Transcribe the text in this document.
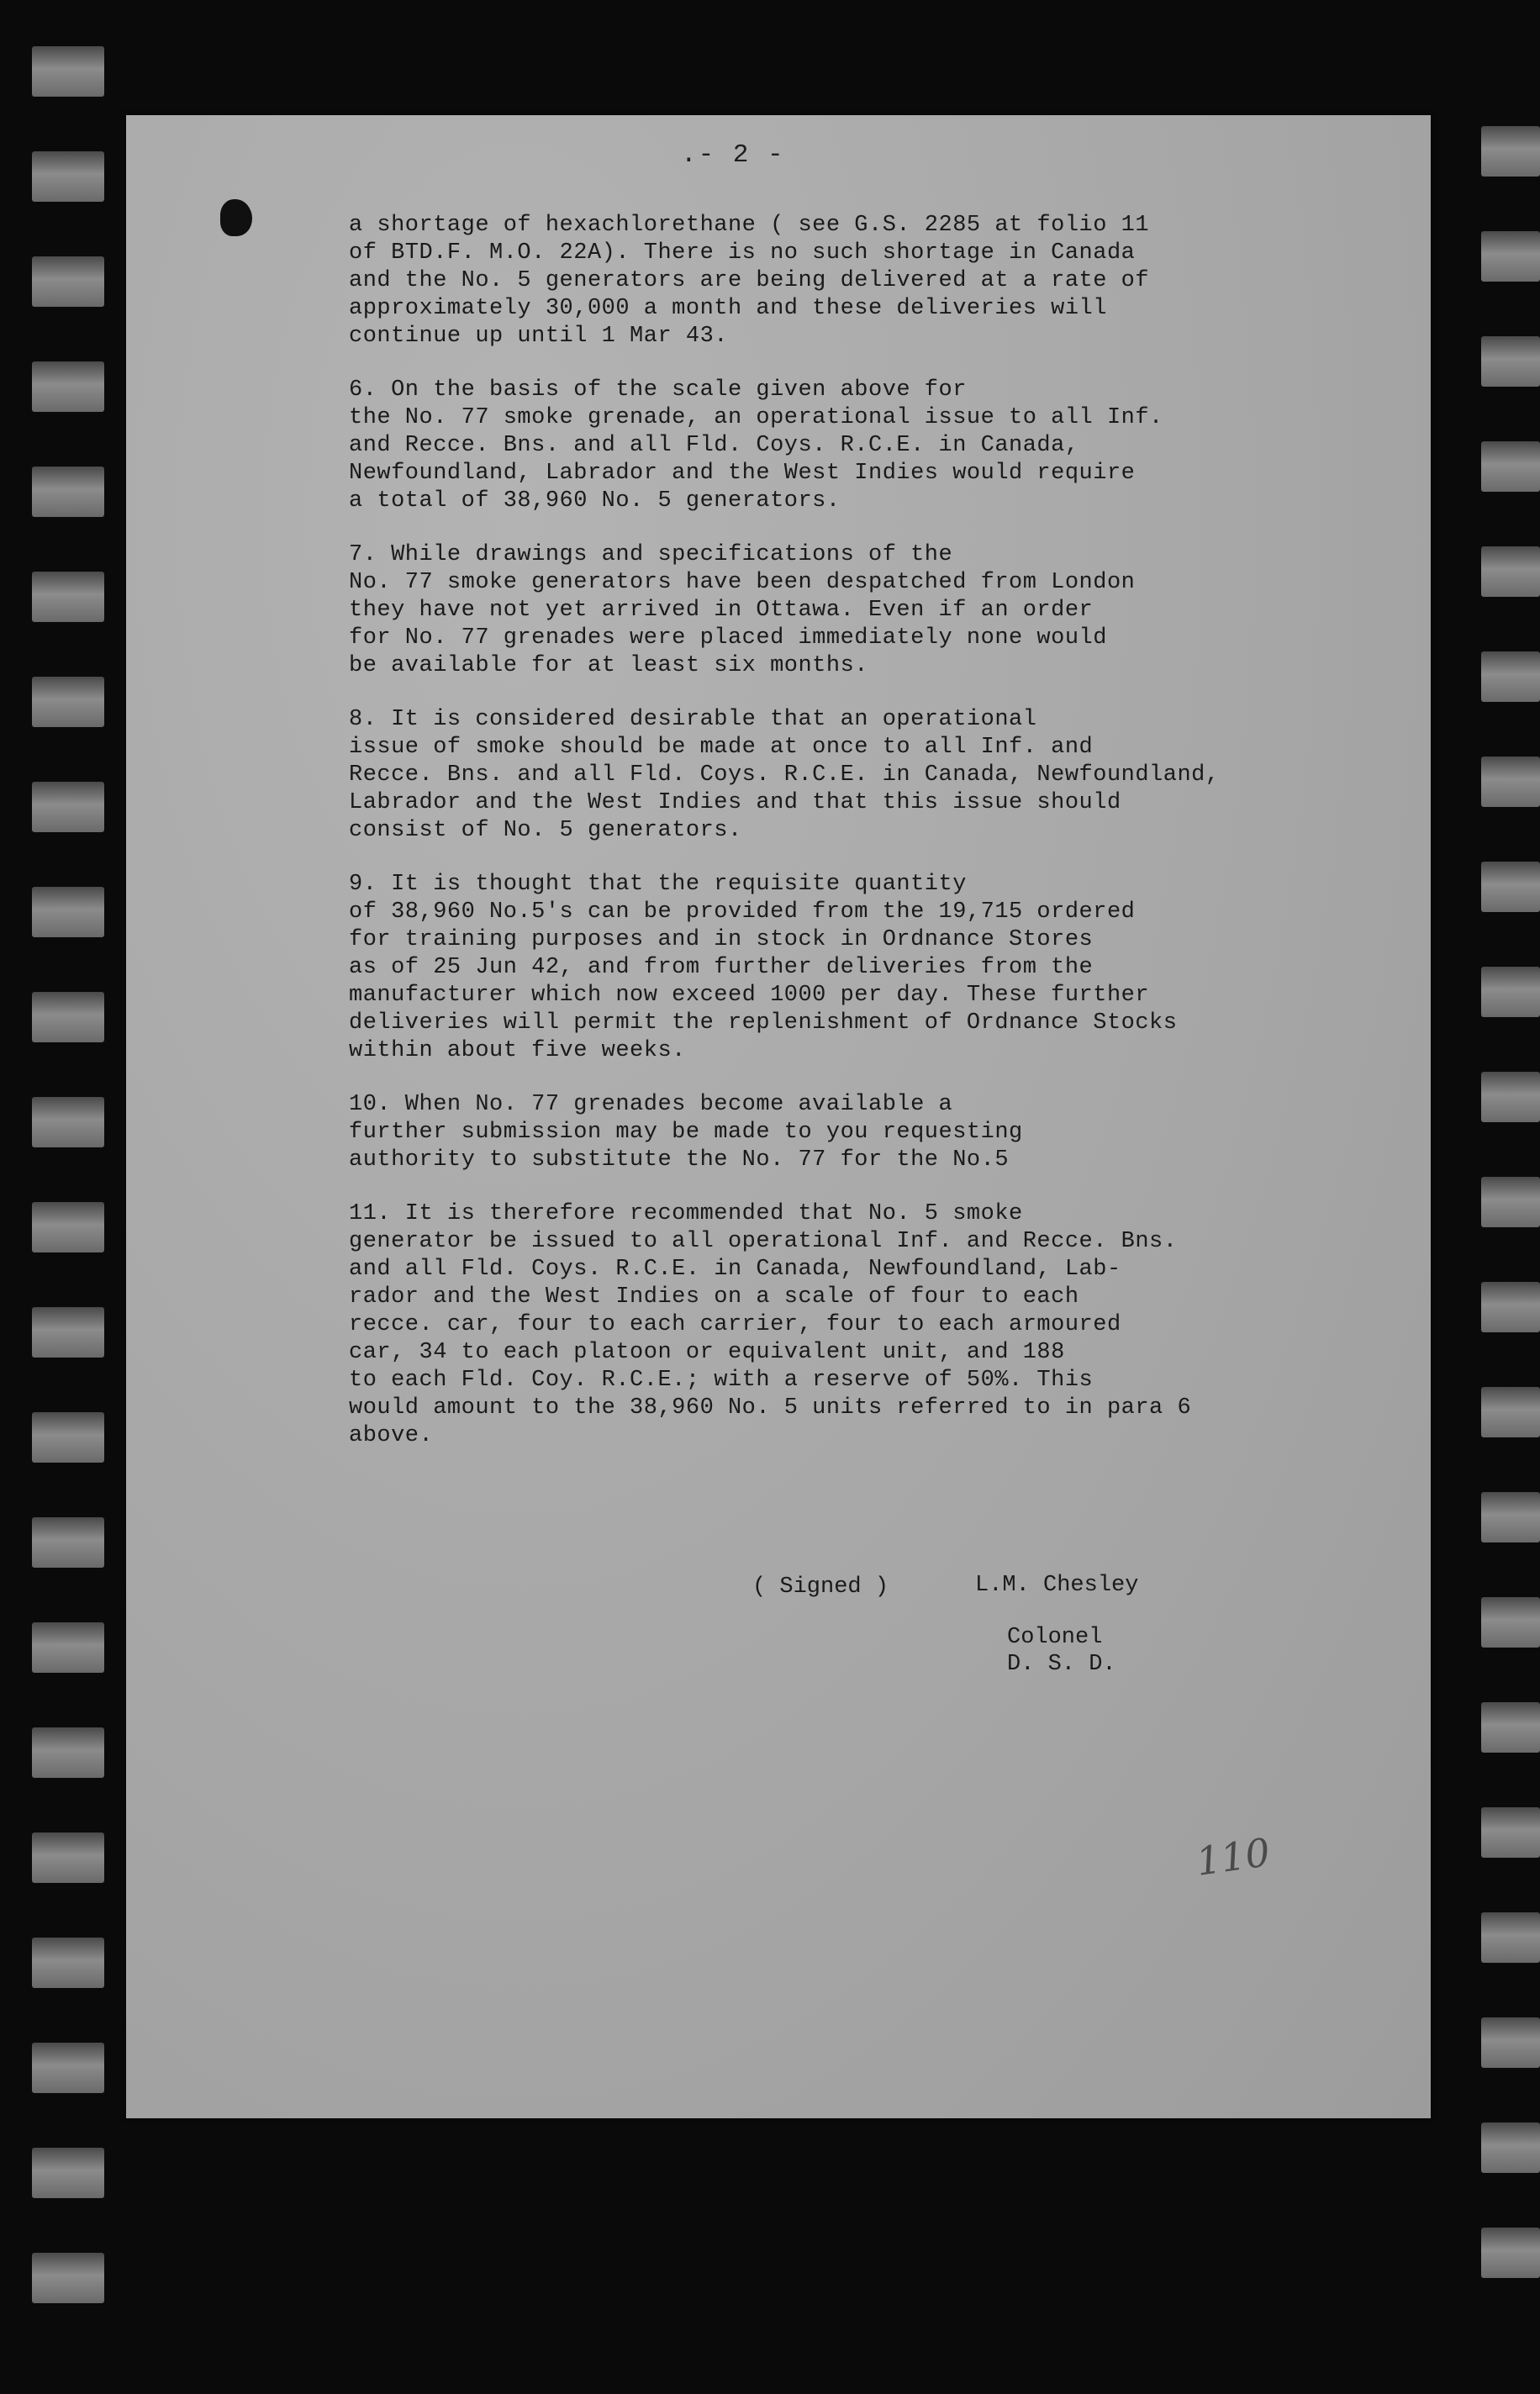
.- 2 -

a shortage of hexachlorethane ( see G.S. 2285 at folio 11
of BTD.F. M.O. 22A). There is no such shortage in Canada
and the No. 5 generators are being delivered at a rate of
approximately 30,000 a month and these deliveries will
continue up until 1 Mar 43.

6. On the basis of the scale given above for
the No. 77 smoke grenade, an operational issue to all Inf.
and Recce. Bns. and all Fld. Coys. R.C.E. in Canada,
Newfoundland, Labrador and the West Indies would require
a total of 38,960 No. 5 generators.

7. While drawings and specifications of the
No. 77 smoke generators have been despatched from London
they have not yet arrived in Ottawa. Even if an order
for No. 77 grenades were placed immediately none would
be available for at least six months.

8. It is considered desirable that an operational
issue of smoke should be made at once to all Inf. and
Recce. Bns. and all Fld. Coys. R.C.E. in Canada, Newfoundland,
Labrador and the West Indies and that this issue should
consist of No. 5 generators.

9. It is thought that the requisite quantity
of 38,960 No.5's can be provided from the 19,715 ordered
for training purposes and in stock in Ordnance Stores
as of 25 Jun 42, and from further deliveries from the
manufacturer which now exceed 1000 per day. These further
deliveries will permit the replenishment of Ordnance Stocks
within about five weeks.

10. When No. 77 grenades become available a
further submission may be made to you requesting
authority to substitute the No. 77 for the No.5

11. It is therefore recommended that No. 5 smoke
generator be issued to all operational Inf. and Recce. Bns.
and all Fld. Coys. R.C.E. in Canada, Newfoundland, Lab-
rador and the West Indies on a scale of four to each
recce. car, four to each carrier, four to each armoured
car, 34 to each platoon or equivalent unit, and 188
to each Fld. Coy. R.C.E.; with a reserve of 50%. This
would amount to the 38,960 No. 5 units referred to in para 6
above.

( Signed )	L.M. Chesley
Colonel
D. S. D.
110
